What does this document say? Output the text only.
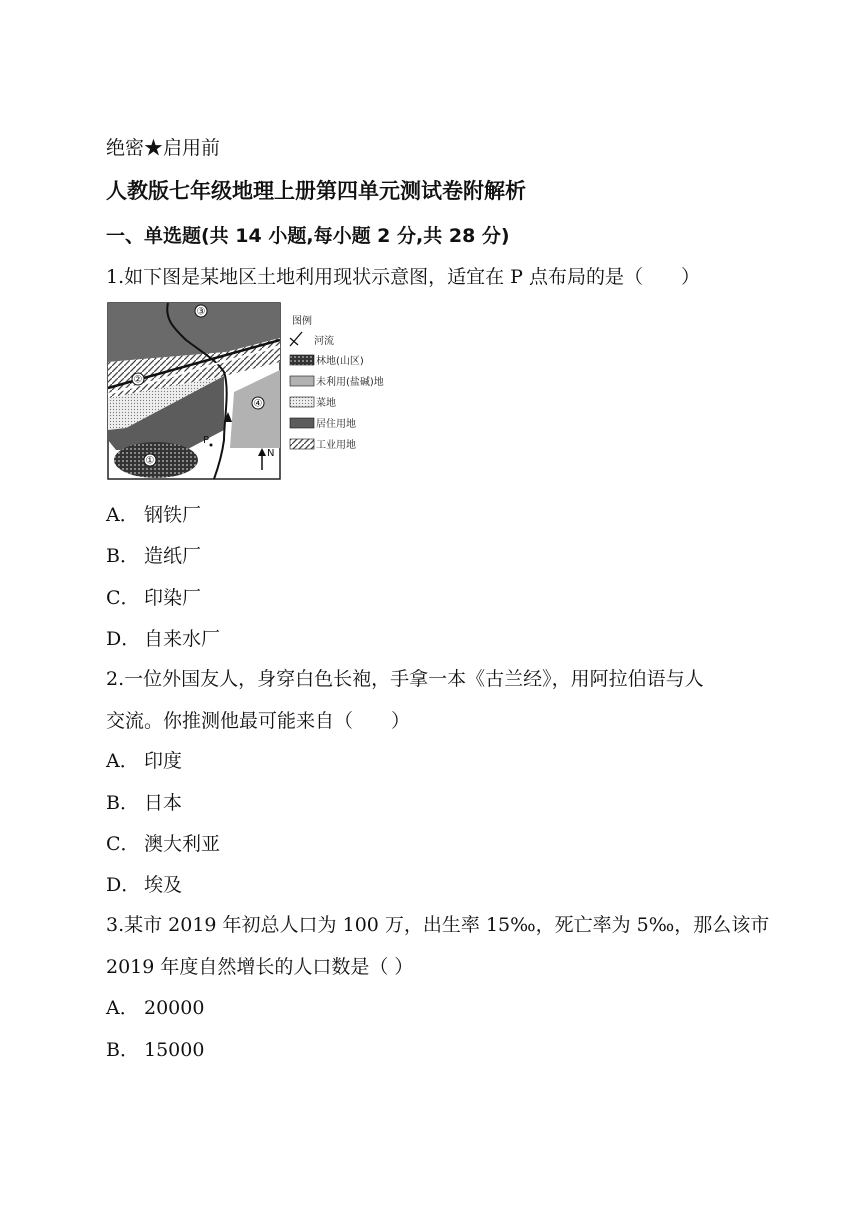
绝密★启用前
人教版七年级地理上册第四单元测试卷附解析
一、单选题(共 14 小题,每小题 2 分,共 28 分)
1.如下图是某地区土地利用现状示意图，适宜在 P 点布局的是（　　）
③
②
④
①
P
N
图例
河流
林地(山区)
未利用(盐碱)地
菜地
居住用地
工业用地
A． 钢铁厂
B． 造纸厂
C． 印染厂
D． 自来水厂
2.一位外国友人，身穿白色长袍，手拿一本《古兰经》，用阿拉伯语与人
交流。你推测他最可能来自（　　）
A． 印度
B． 日本
C． 澳大利亚
D． 埃及
3.某市 2019 年初总人口为 100 万，出生率 15‰，死亡率为 5‰，那么该市
2019 年度自然增长的人口数是（ ）
A． 20000
B． 15000
